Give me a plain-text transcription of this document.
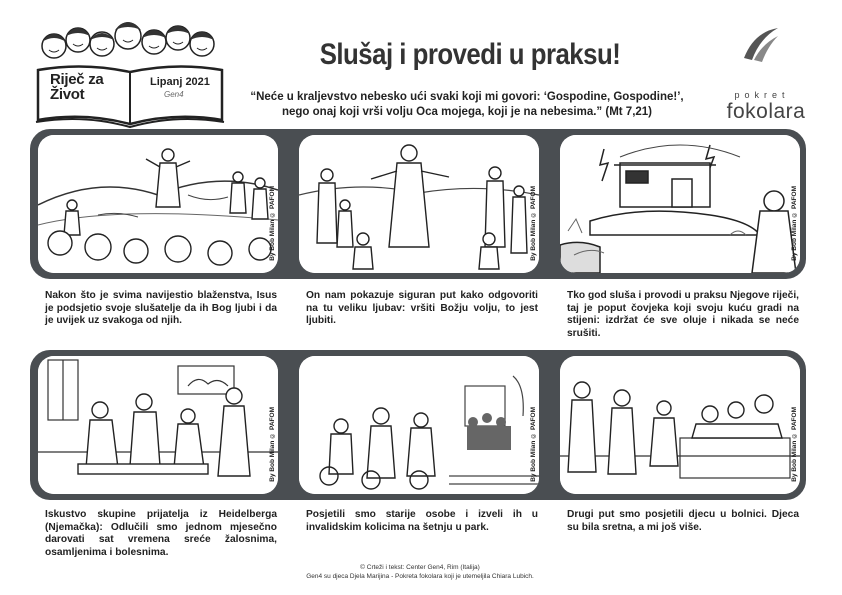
Riječ za
Život
Lipanj 2021
Gen4
Slušaj i provedi u praksu!
“Neće u kraljevstvo nebesko ući svaki koji mi govori: ‘Gospodine, Gospodine!’,
nego onaj koji vrši volju Oca mojega, koji je na nebesima.” (Mt 7,21)
pokret
fokolara
By Bob Milan © PAFOM	By Bob Milan © PAFOM	By Bob Milan © PAFOM
Nakon što je svima navijestio blaženstva, Isus je podsjetio svoje slušatelje da ih Bog ljubi i da je uvijek uz svakoga od njih.
On nam pokazuje siguran put kako odgovoriti na tu veliku ljubav: vršiti Božju volju, to jest ljubiti.
Tko god sluša i provodi u praksu Njegove riječi, taj je poput čovjeka koji svoju kuću gradi na stijeni: izdržat će sve oluje i nikada se neće srušiti.
By Bob Milan © PAFOM	By Bob Milan © PAFOM	By Bob Milan © PAFOM
Iskustvo skupine prijatelja iz Heidelberga (Njemačka): Odlučili smo jednom mjesečno darovati sat vremena sreće žalosnima, osamljenima i bolesnima.
Posjetili smo starije osobe i izveli ih u invalidskim kolicima na šetnju u park.
Drugi put smo posjetili djecu u bolnici. Djeca su bila sretna, a mi još više.
© Crteži i tekst: Center Gen4, Rim (Italija)
Gen4 su djeca Djela Marijina - Pokreta fokolara koji je utemeljila Chiara Lubich.
